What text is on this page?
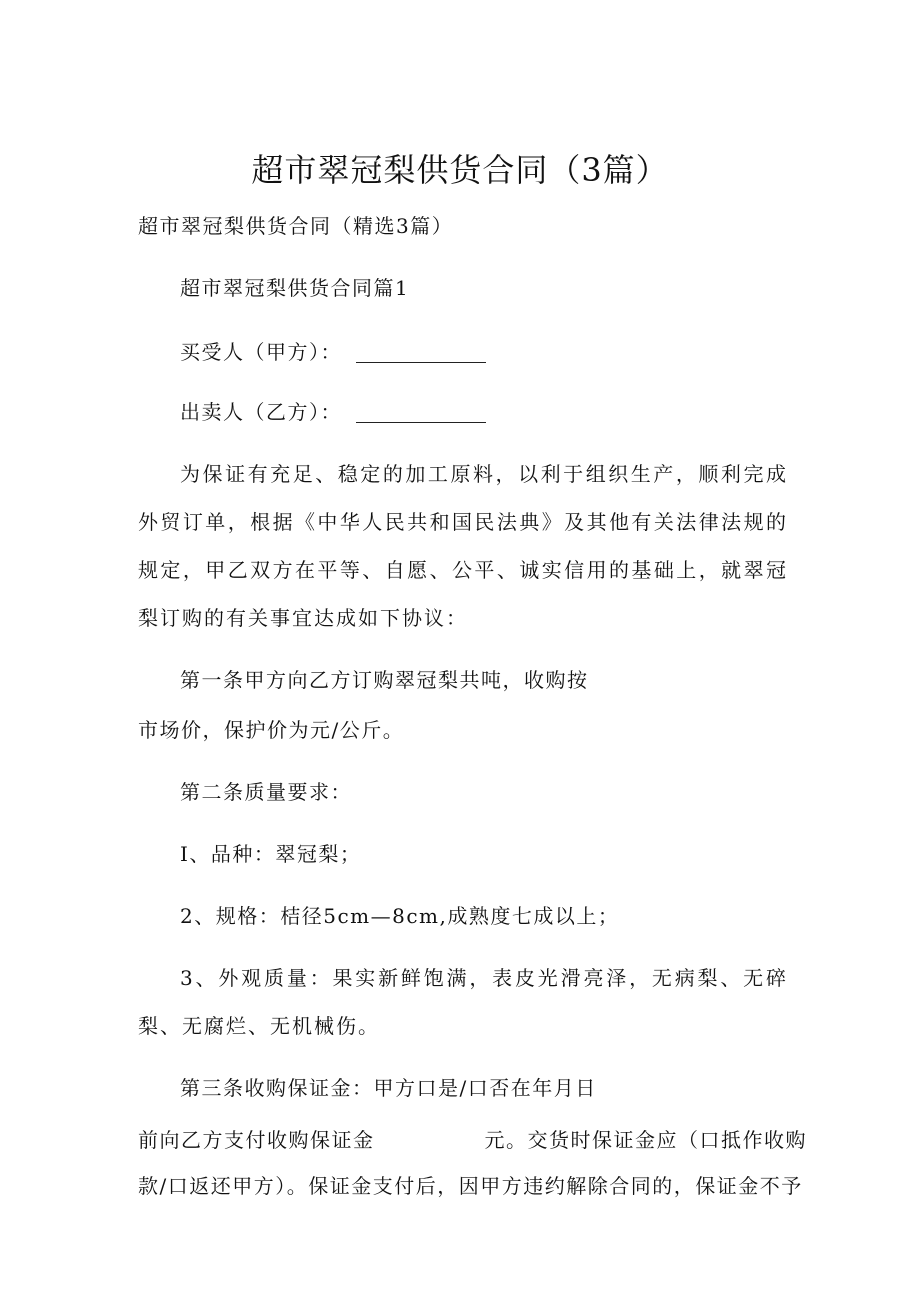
超市翠冠梨供货合同（3篇）
超市翠冠梨供货合同（精选3篇）
超市翠冠梨供货合同篇1
买受人（甲方）：
出卖人（乙方）：
为保证有充足、稳定的加工原料，以利于组织生产，顺利完成外贸订单，根据《中华人民共和国民法典》及其他有关法律法规的规定，甲乙双方在平等、自愿、公平、诚实信用的基础上，就翠冠梨订购的有关事宜达成如下协议：
第一条甲方向乙方订购翠冠梨共吨，收购按
市场价，保护价为元/公斤。
第二条质量要求：
I、品种：翠冠梨；
2、规格：桔径5cm—8cm,成熟度七成以上；
3、外观质量：果实新鲜饱满，表皮光滑亮泽，无病梨、无碎梨、无腐烂、无机械伤。
第三条收购保证金：甲方口是/口否在年月日
前向乙方支付收购保证金	元。交货时保证金应（口抵作收购
款/口返还甲方）。保证金支付后，因甲方违约解除合同的，保证金不予
